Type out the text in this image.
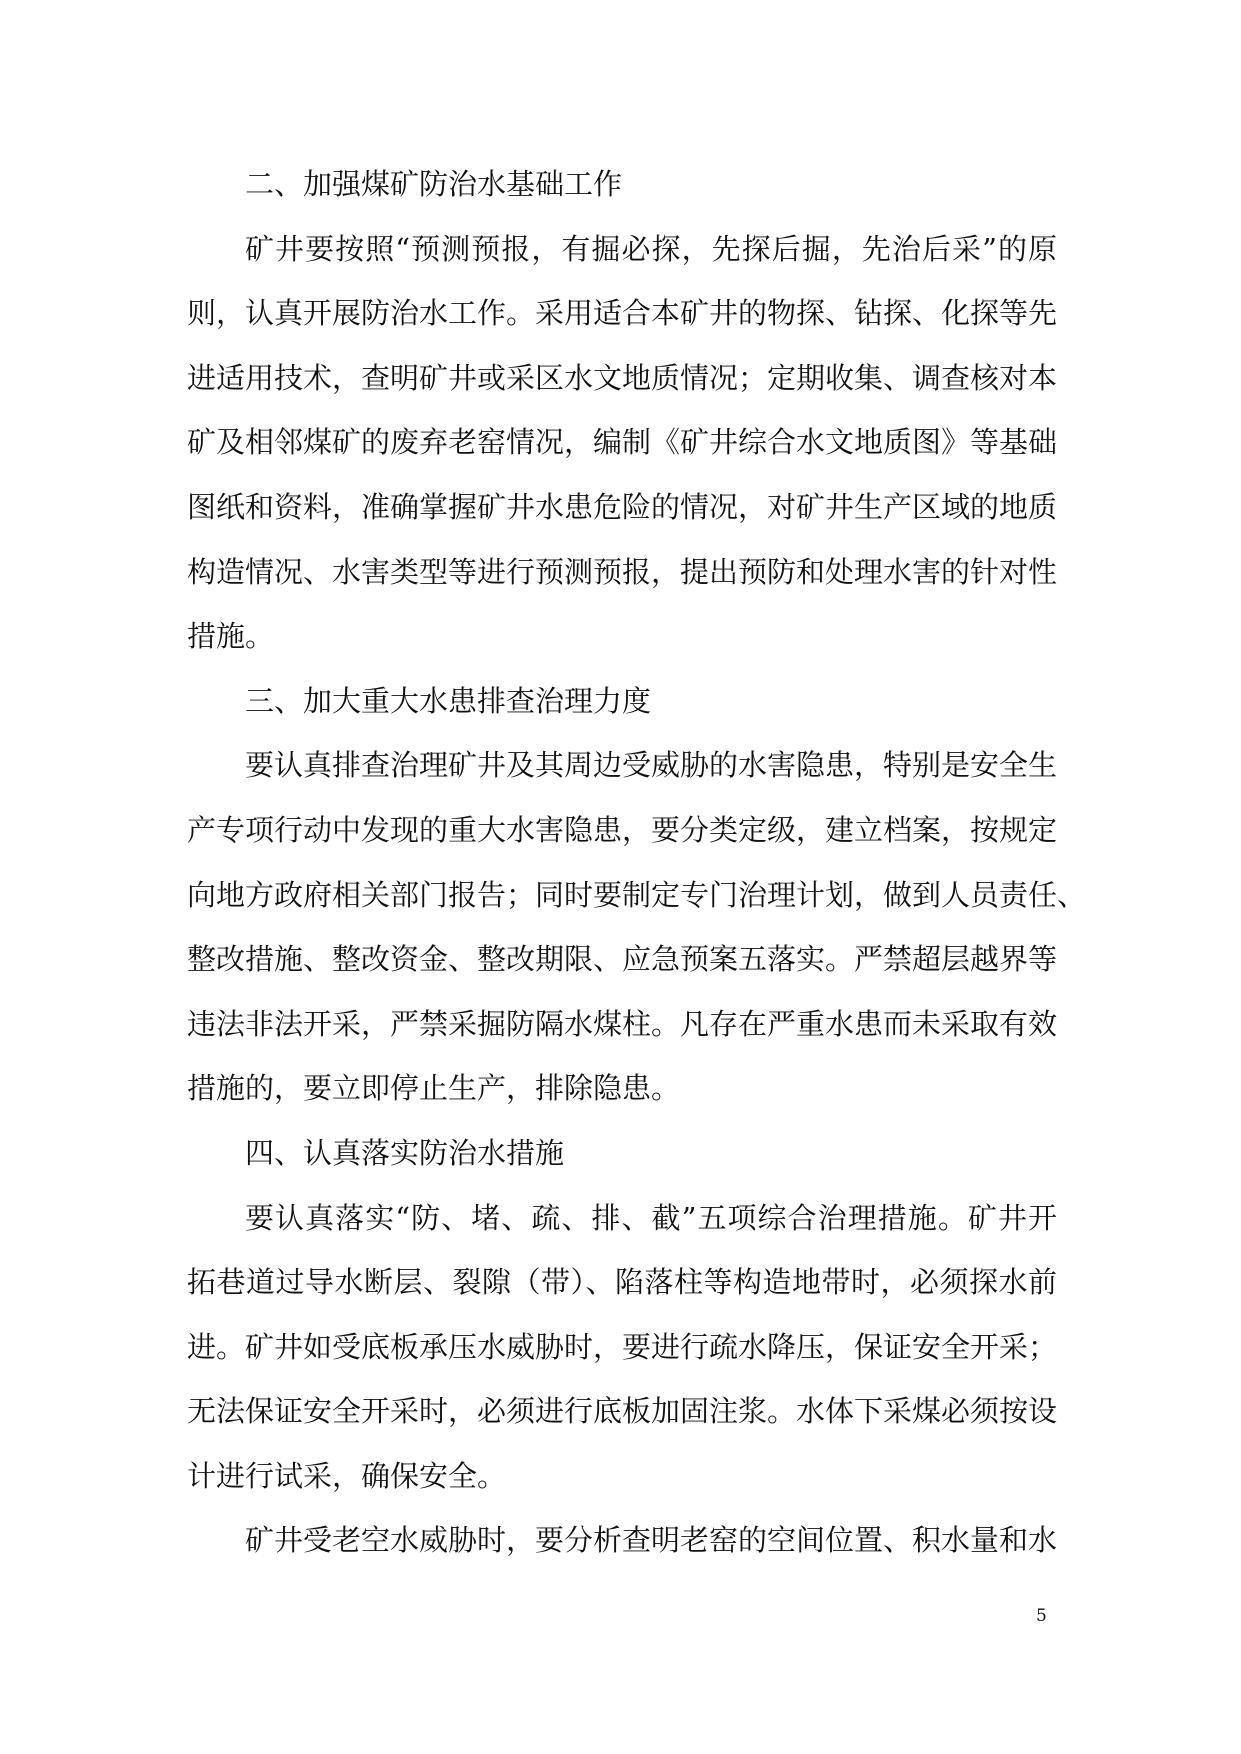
二、加强煤矿防治水基础工作
矿井要按照“预测预报，有掘必探，先探后掘，先治后采”的原
则，认真开展防治水工作。采用适合本矿井的物探、钻探、化探等先
进适用技术，查明矿井或采区水文地质情况；定期收集、调查核对本
矿及相邻煤矿的废弃老窑情况，编制《矿井综合水文地质图》等基础
图纸和资料，准确掌握矿井水患危险的情况，对矿井生产区域的地质
构造情况、水害类型等进行预测预报，提出预防和处理水害的针对性
措施。
三、加大重大水患排查治理力度
要认真排查治理矿井及其周边受威胁的水害隐患，特别是安全生
产专项行动中发现的重大水害隐患，要分类定级，建立档案，按规定
向地方政府相关部门报告；同时要制定专门治理计划，做到人员责任、
整改措施、整改资金、整改期限、应急预案五落实。严禁超层越界等
违法非法开采，严禁采掘防隔水煤柱。凡存在严重水患而未采取有效
措施的，要立即停止生产，排除隐患。
四、认真落实防治水措施
要认真落实“防、堵、疏、排、截”五项综合治理措施。矿井开
拓巷道过导水断层、裂隙（带）、陷落柱等构造地带时，必须探水前
进。矿井如受底板承压水威胁时，要进行疏水降压，保证安全开采；
无法保证安全开采时，必须进行底板加固注浆。水体下采煤必须按设
计进行试采，确保安全。
矿井受老空水威胁时，要分析查明老窑的空间位置、积水量和水
5
